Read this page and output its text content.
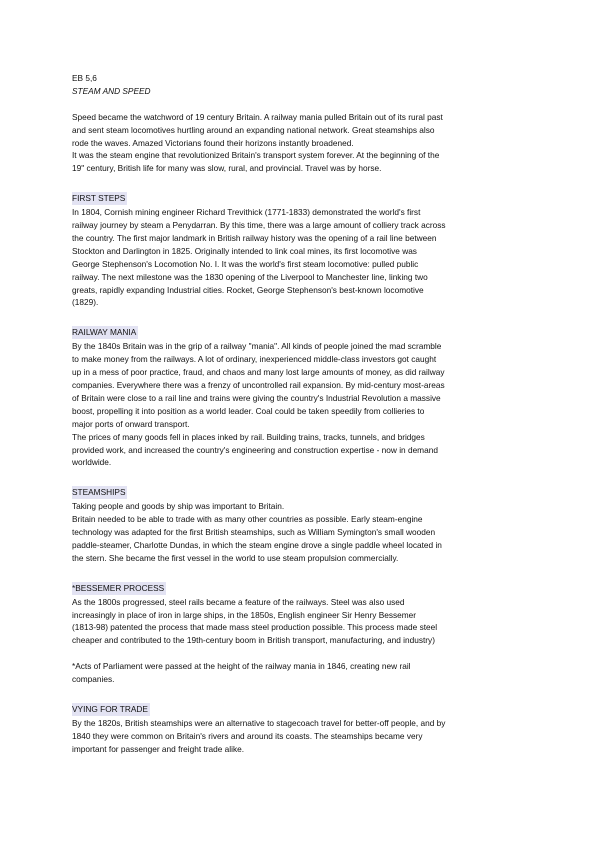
EB 5,6

STEAM AND SPEED

Speed became the watchword of 19 century Britain. A railway mania pulled Britain out of its rural past

and sent steam locomotives hurtling around an expanding national network. Great steamships also

rode the waves. Amazed Victorians found their horizons instantly broadened.

It was the steam engine that revolutionized Britain's transport system forever. At the beginning of the

19" century, British life for many was slow, rural, and provincial. Travel was by horse.

FIRST STEPS

In 1804, Cornish mining engineer Richard Trevithick (1771-1833) demonstrated the world's first

railway journey by steam a Penydarran. By this time, there was a large amount of colliery track across

the country. The first major landmark in British railway history was the opening of a rail line between

Stockton and Darlington in 1825. Originally intended to link coal mines, its first locomotive was

George Stephenson's Locomotion No. I. It was the world's first steam locomotive: pulled public

railway. The next milestone was the 1830 opening of the Liverpool to Manchester line, linking two

greats, rapidly expanding Industrial cities. Rocket, George Stephenson's best-known locomotive

(1829).

RAILWAY MANIA

By the 1840s Britain was in the grip of a railway "mania". All kinds of people joined the mad scramble

to make money from the railways. A lot of ordinary, inexperienced middle-class investors got caught

up in a mess of poor practice, fraud, and chaos and many lost large amounts of money, as did railway

companies. Everywhere there was a frenzy of uncontrolled rail expansion. By mid-century most-areas

of Britain were close to a rail line and trains were giving the country's Industrial Revolution a massive

boost, propelling it into position as a world leader. Coal could be taken speedily from collieries to

major ports of onward transport.

The prices of many goods fell in places inked by rail. Building trains, tracks, tunnels, and bridges

provided work, and increased the country's engineering and construction expertise - now in demand

worldwide.

STEAMSHIPS

Taking people and goods by ship was important to Britain.

Britain needed to be able to trade with as many other countries as possible. Early steam-engine

technology was adapted for the first British steamships, such as William Symington's small wooden

paddle-steamer, Charlotte Dundas, in which the steam engine drove a single paddle wheel located in

the stern. She became the first vessel in the world to use steam propulsion commercially.

*BESSEMER PROCESS

As the 1800s progressed, steel rails became a feature of the railways. Steel was also used

increasingly in place of iron in large ships, in the 1850s, English engineer Sir Henry Bessemer

(1813-98) patented the process that made mass steel production possible. This process made steel

cheaper and contributed to the 19th-century boom in British transport, manufacturing, and industry)

*Acts of Parliament were passed at the height of the railway mania in 1846, creating new rail

companies.

VYING FOR TRADE

By the 1820s, British steamships were an alternative to stagecoach travel for better-off people, and by

1840 they were common on Britain's rivers and around its coasts. The steamships became very

important for passenger and freight trade alike.
